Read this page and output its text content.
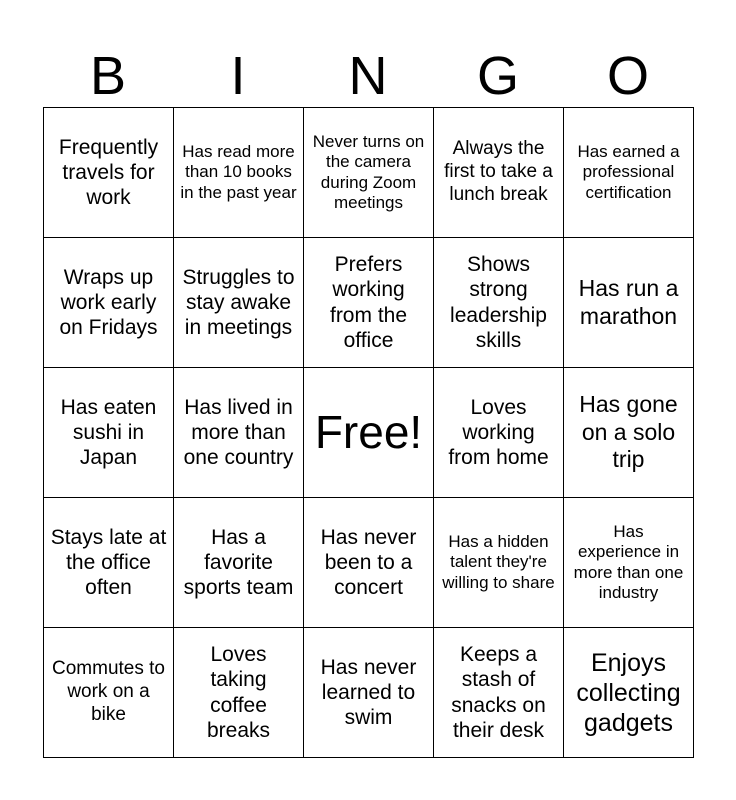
B	I	N	G	O
Frequently travels for work	Has read more than 10 books in the past year	Never turns on the camera during Zoom meetings	Always the first to take a lunch break	Has earned a professional certification
Wraps up work early on Fridays	Struggles to stay awake in meetings	Prefers working from the office	Shows strong leadership skills	Has run a marathon
Has eaten sushi in Japan	Has lived in more than one country	Free!	Loves working from home	Has gone on a solo trip
Stays late at the office often	Has a favorite sports team	Has never been to a concert	Has a hidden talent they're willing to share	Has experience in more than one industry
Commutes to work on a bike	Loves taking coffee breaks	Has never learned to swim	Keeps a stash of snacks on their desk	Enjoys collecting gadgets
